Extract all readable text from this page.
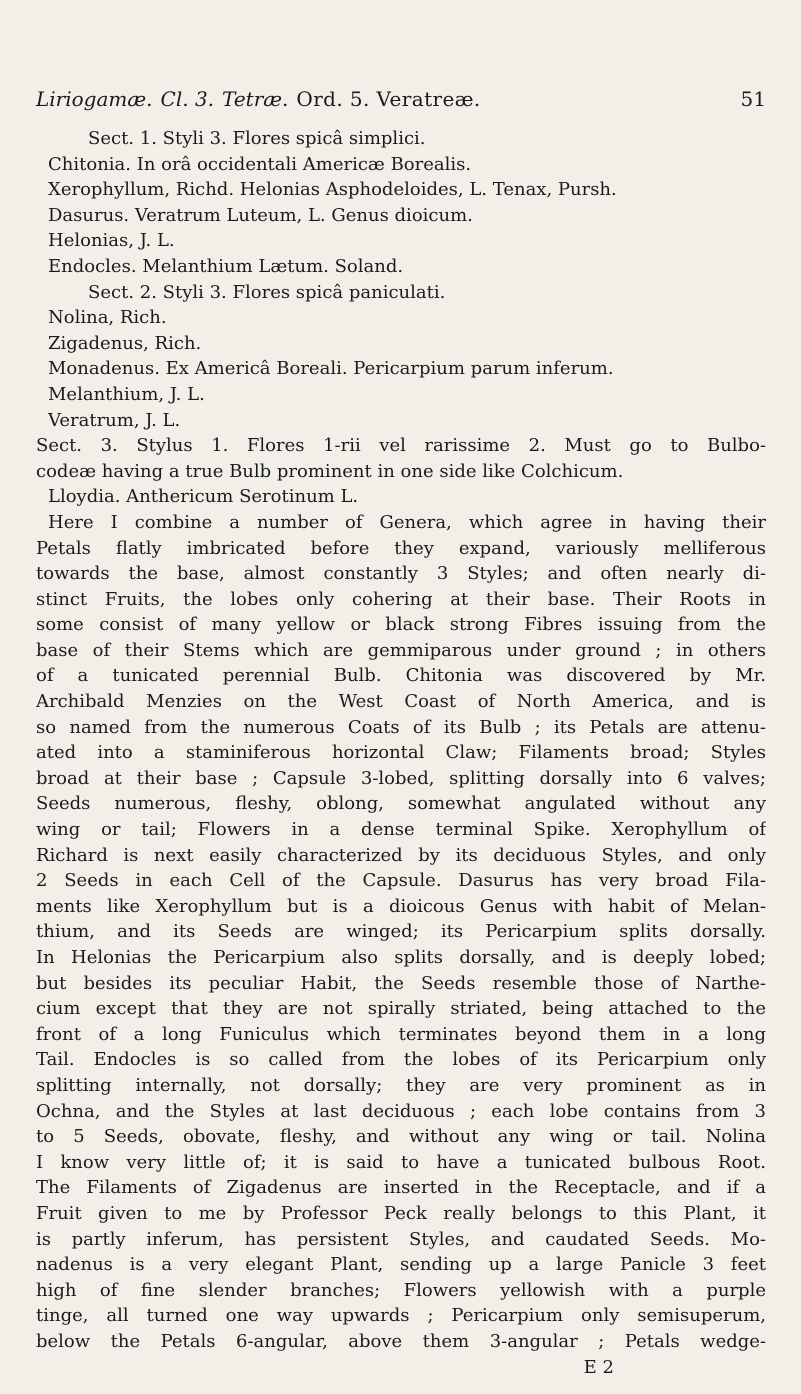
Liriogamæ. Cl. 3. Tetræ. Ord. 5. Veratreæ.	51
Sect. 1. Styli 3. Flores spicâ simplici.
Chitonia. In orâ occidentali Americæ Borealis.
Xerophyllum, Richd. Helonias Asphodeloides, L. Tenax, Pursh.
Dasurus. Veratrum Luteum, L. Genus dioicum.
Helonias, J. L.
Endocles. Melanthium Lætum. Soland.
Sect. 2. Styli 3. Flores spicâ paniculati.
Nolina, Rich.
Zigadenus, Rich.
Monadenus. Ex Americâ Boreali. Pericarpium parum inferum.
Melanthium, J. L.
Veratrum, J. L.
Sect. 3. Stylus 1. Flores 1-rii vel rarissime 2. Must go to Bulbo-
codeæ having a true Bulb prominent in one side like Colchicum.
Lloydia. Anthericum Serotinum L.
Here I combine a number of Genera, which agree in having their
Petals flatly imbricated before they expand, variously melliferous
towards the base, almost constantly 3 Styles; and often nearly di-
stinct Fruits, the lobes only cohering at their base. Their Roots in
some consist of many yellow or black strong Fibres issuing from the
base of their Stems which are gemmiparous under ground ; in others
of a tunicated perennial Bulb. Chitonia was discovered by Mr.
Archibald Menzies on the West Coast of North America, and is
so named from the numerous Coats of its Bulb ; its Petals are attenu-
ated into a staminiferous horizontal Claw; Filaments broad; Styles
broad at their base ; Capsule 3-lobed, splitting dorsally into 6 valves;
Seeds numerous, fleshy, oblong, somewhat angulated without any
wing or tail; Flowers in a dense terminal Spike. Xerophyllum of
Richard is next easily characterized by its deciduous Styles, and only
2 Seeds in each Cell of the Capsule. Dasurus has very broad Fila-
ments like Xerophyllum but is a dioicous Genus with habit of Melan-
thium, and its Seeds are winged; its Pericarpium splits dorsally.
In Helonias the Pericarpium also splits dorsally, and is deeply lobed;
but besides its peculiar Habit, the Seeds resemble those of Narthe-
cium except that they are not spirally striated, being attached to the
front of a long Funiculus which terminates beyond them in a long
Tail. Endocles is so called from the lobes of its Pericarpium only
splitting internally, not dorsally; they are very prominent as in
Ochna, and the Styles at last deciduous ; each lobe contains from 3
to 5 Seeds, obovate, fleshy, and without any wing or tail. Nolina
I know very little of; it is said to have a tunicated bulbous Root.
The Filaments of Zigadenus are inserted in the Receptacle, and if a
Fruit given to me by Professor Peck really belongs to this Plant, it
is partly inferum, has persistent Styles, and caudated Seeds. Mo-
nadenus is a very elegant Plant, sending up a large Panicle 3 feet
high of fine slender branches; Flowers yellowish with a purple
tinge, all turned one way upwards ; Pericarpium only semisuperum,
below the Petals 6-angular, above them 3-angular ; Petals wedge-
E 2
